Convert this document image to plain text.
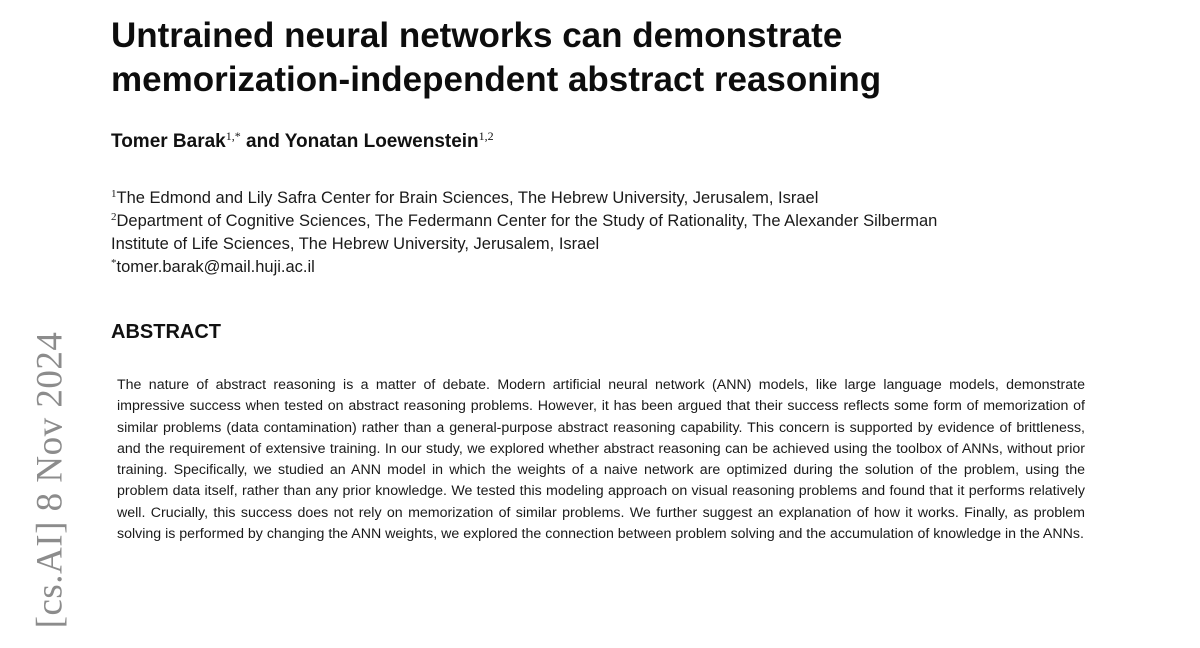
[cs.AI] 8 Nov 2024
Untrained neural networks can demonstrate
memorization-independent abstract reasoning
Tomer Barak$^{1,*}$ and Yonatan Loewenstein$^{1,2}$
$^1$The Edmond and Lily Safra Center for Brain Sciences, The Hebrew University, Jerusalem, Israel
$^2$Department of Cognitive Sciences, The Federmann Center for the Study of Rationality, The Alexander Silberman
Institute of Life Sciences, The Hebrew University, Jerusalem, Israel
*tomer.barak@mail.huji.ac.il
ABSTRACT

The nature of abstract reasoning is a matter of debate. Modern artificial neural network (ANN) models, like large language models, demonstrate impressive success when tested on abstract reasoning problems. However, it has been argued that their success reflects some form of memorization of similar problems (data contamination) rather than a general-purpose abstract reasoning capability. This concern is supported by evidence of brittleness, and the requirement of extensive training. In our study, we explored whether abstract reasoning can be achieved using the toolbox of ANNs, without prior training. Specifically, we studied an ANN model in which the weights of a naive network are optimized during the solution of the problem, using the problem data itself, rather than any prior knowledge. We tested this modeling approach on visual reasoning problems and found that it performs relatively well. Crucially, this success does not rely on memorization of similar problems. We further suggest an explanation of how it works. Finally, as problem solving is performed by changing the ANN weights, we explored the connection between problem solving and the accumulation of knowledge in the ANNs.
